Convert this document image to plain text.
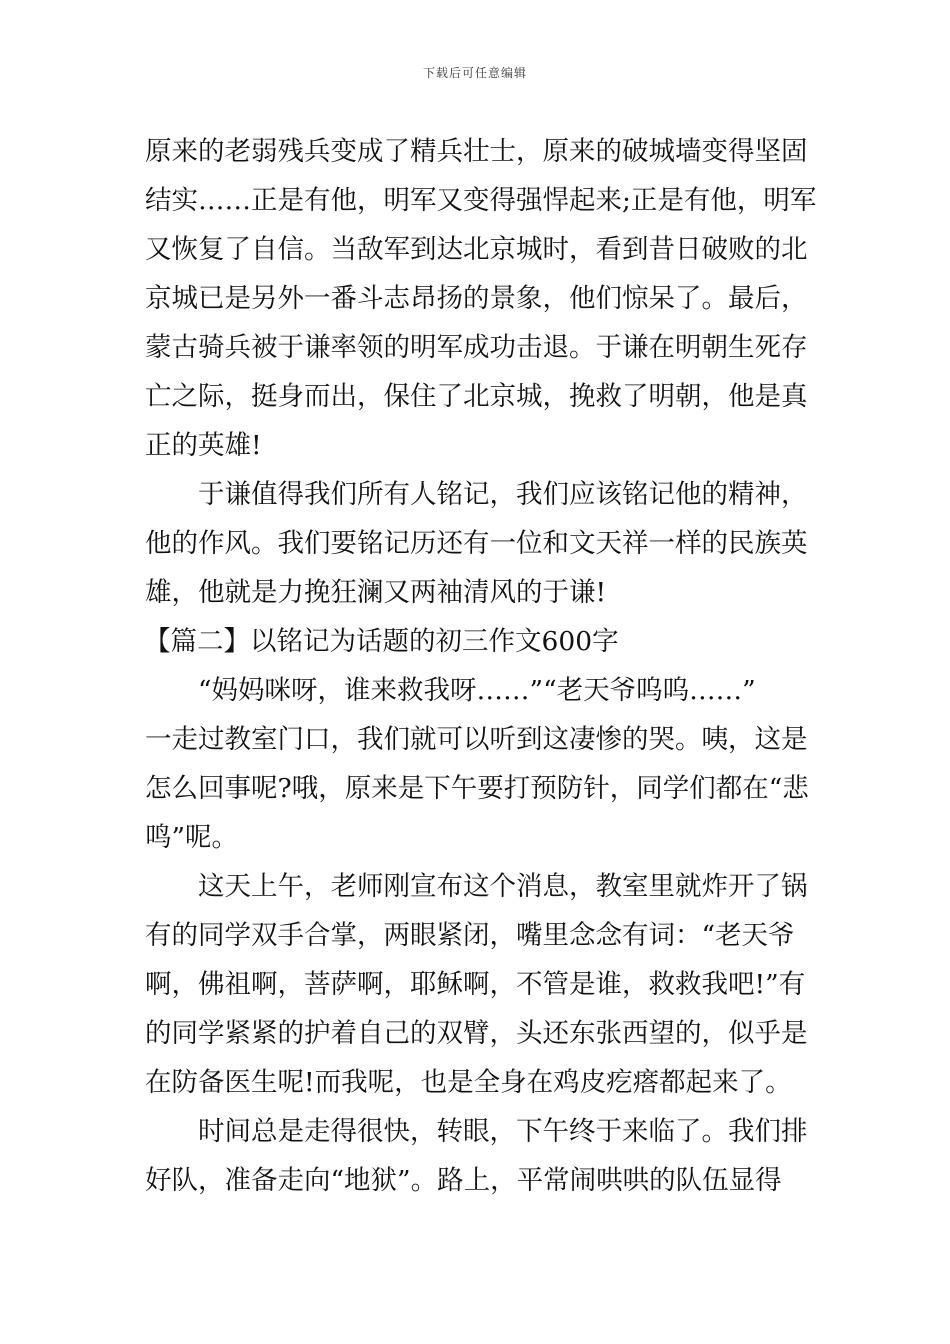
下载后可任意编辑
原来的老弱残兵变成了精兵壮士，原来的破城墙变得坚固
结实……正是有他，明军又变得强悍起来;正是有他，明军
又恢复了自信。当敌军到达北京城时，看到昔日破败的北
京城已是另外一番斗志昂扬的景象，他们惊呆了。最后，
蒙古骑兵被于谦率领的明军成功击退。于谦在明朝生死存
亡之际，挺身而出，保住了北京城，挽救了明朝，他是真
正的英雄!
于谦值得我们所有人铭记，我们应该铭记他的精神，
他的作风。我们要铭记历还有一位和文天祥一样的民族英
雄，他就是力挽狂澜又两袖清风的于谦!
【篇二】以铭记为话题的初三作文600字
“妈妈咪呀，谁来救我呀……”“老天爷呜呜……”
一走过教室门口，我们就可以听到这凄惨的哭。咦，这是
怎么回事呢?哦，原来是下午要打预防针，同学们都在“悲
鸣”呢。
这天上午，老师刚宣布这个消息，教室里就炸开了锅
有的同学双手合掌，两眼紧闭，嘴里念念有词：“老天爷
啊，佛祖啊，菩萨啊，耶稣啊，不管是谁，救救我吧!”有
的同学紧紧的护着自己的双臂，头还东张西望的，似乎是
在防备医生呢!而我呢，也是全身在鸡皮疙瘩都起来了。
时间总是走得很快，转眼，下午终于来临了。我们排
好队，准备走向“地狱”。路上，平常闹哄哄的队伍显得
